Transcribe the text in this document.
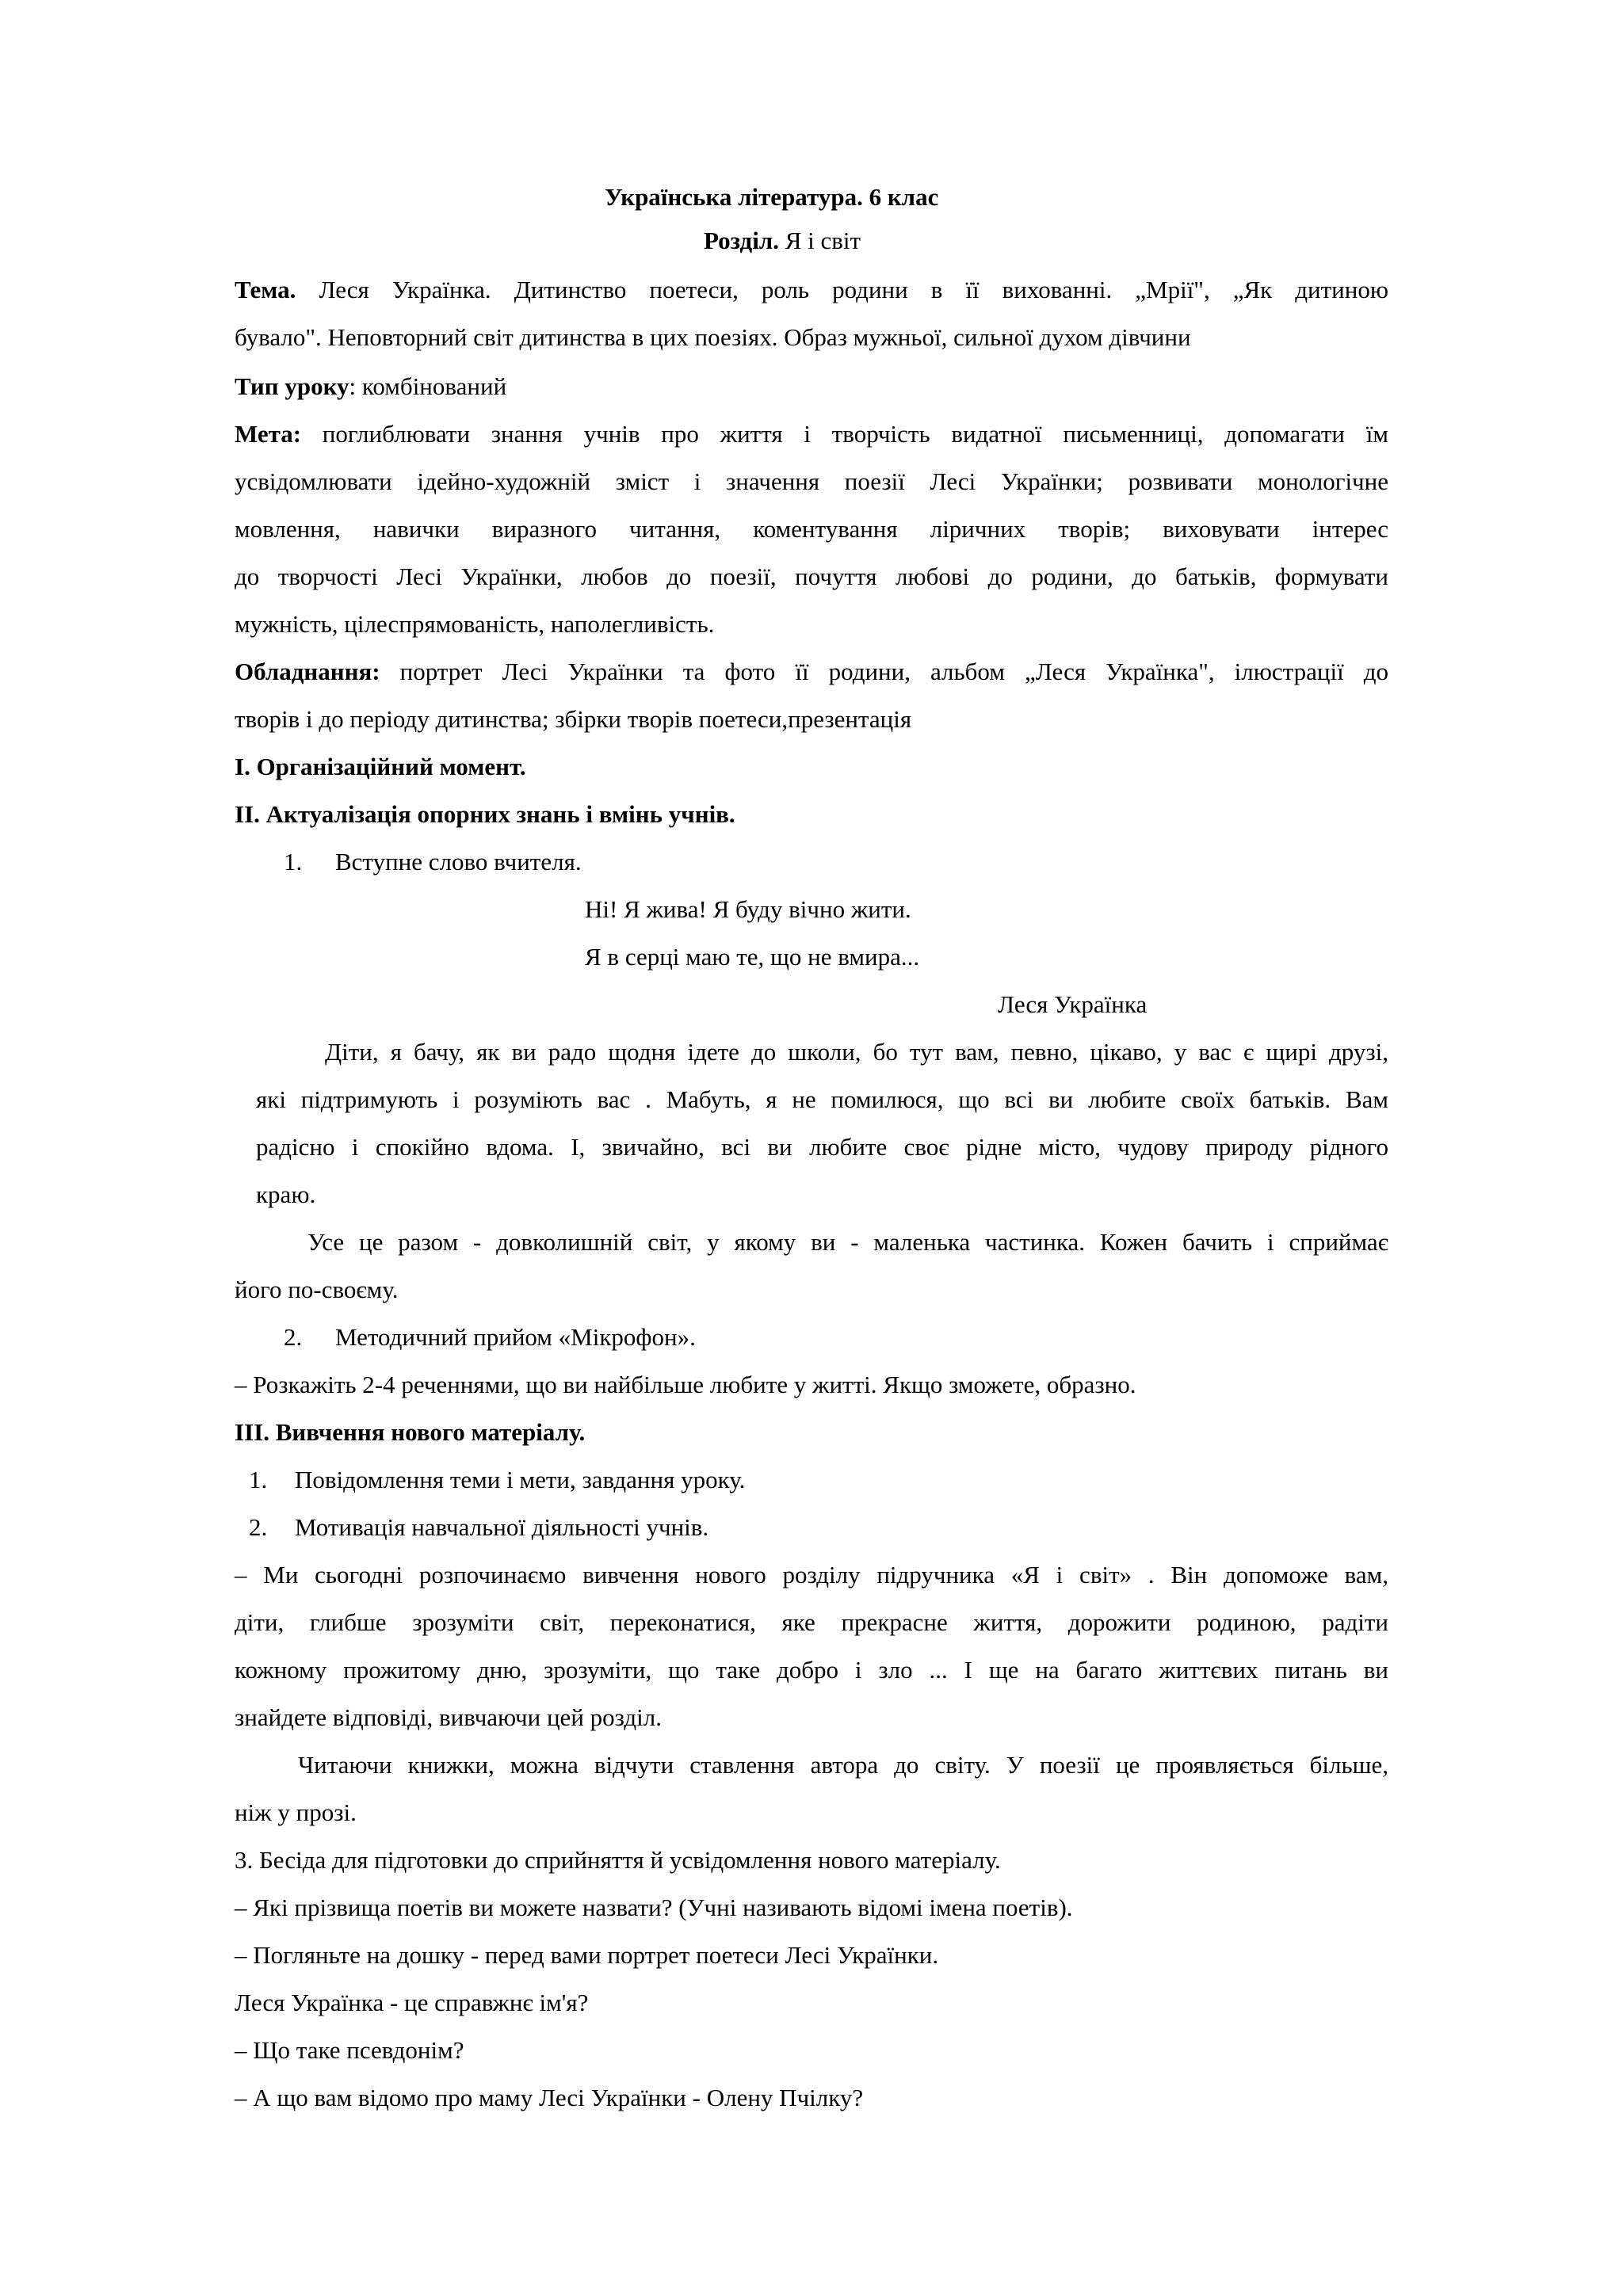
Українська література. 6 клас
Розділ. Я і світ
Тема. Леся Українка. Дитинство поетеси, роль родини в її вихованні. „Мрії", „Як дитиною
бувало". Неповторний світ дитинства в цих поезіях. Образ мужньої, сильної духом дівчини
Тип уроку: комбінований
Мета: поглиблювати знання учнів про життя і творчість видатної письменниці, допомагати їм
усвідомлювати ідейно-художній зміст і значення поезії Лесі Українки; розвивати монологічне
мовлення, навички виразного читання, коментування ліричних творів; виховувати інтерес
до творчості Лесі Українки, любов до поезії, почуття любові до родини, до батьків, формувати
мужність, цілеспрямованість, наполегливість.
Обладнання: портрет Лесі Українки та фото її родини, альбом „Леся Українка", ілюстрації до
творів і до періоду дитинства; збірки творів поетеси,презентація
І. Організаційний момент.
ІІ. Актуалізація опорних знань і вмінь учнів.
1. Вступне слово вчителя.
Ні! Я жива! Я буду вічно жити.
Я в серці маю те, що не вмира...
Леся Українка
Діти, я бачу, як ви радо щодня ідете до школи, бо тут вам, певно, цікаво, у вас є щирі друзі,
які підтримують і розуміють вас . Мабуть, я не помилюся, що всі ви любите своїх батьків. Вам
радісно і спокійно вдома. І, звичайно, всі ви любите своє рідне місто, чудову природу рідного
краю.
Усе це разом - довколишній світ, у якому ви - маленька частинка. Кожен бачить і сприймає
його по-своєму.
2. Методичний прийом «Мікрофон».
– Розкажіть 2-4 реченнями, що ви найбільше любите у житті. Якщо зможете, образно.
ІІІ. Вивчення нового матеріалу.
1. Повідомлення теми і мети, завдання уроку.
2. Мотивація навчальної діяльності учнів.
– Ми сьогодні розпочинаємо вивчення нового розділу підручника «Я і світ» . Він допоможе вам,
діти, глибше зрозуміти світ, переконатися, яке прекрасне життя, дорожити родиною, радіти
кожному прожитому дню, зрозуміти, що таке добро і зло ... І ще на багато життєвих питань ви
знайдете відповіді, вивчаючи цей розділ.
Читаючи книжки, можна відчути ставлення автора до світу. У поезії це проявляється більше,
ніж у прозі.
3. Бесіда для підготовки до сприйняття й усвідомлення нового матеріалу.
– Які прізвища поетів ви можете назвати? (Учні називають відомі імена поетів).
– Погляньте на дошку - перед вами портрет поетеси Лесі Українки.
Леся Українка - це справжнє ім'я?
– Що таке псевдонім?
– А що вам відомо про маму Лесі Українки - Олену Пчілку?
